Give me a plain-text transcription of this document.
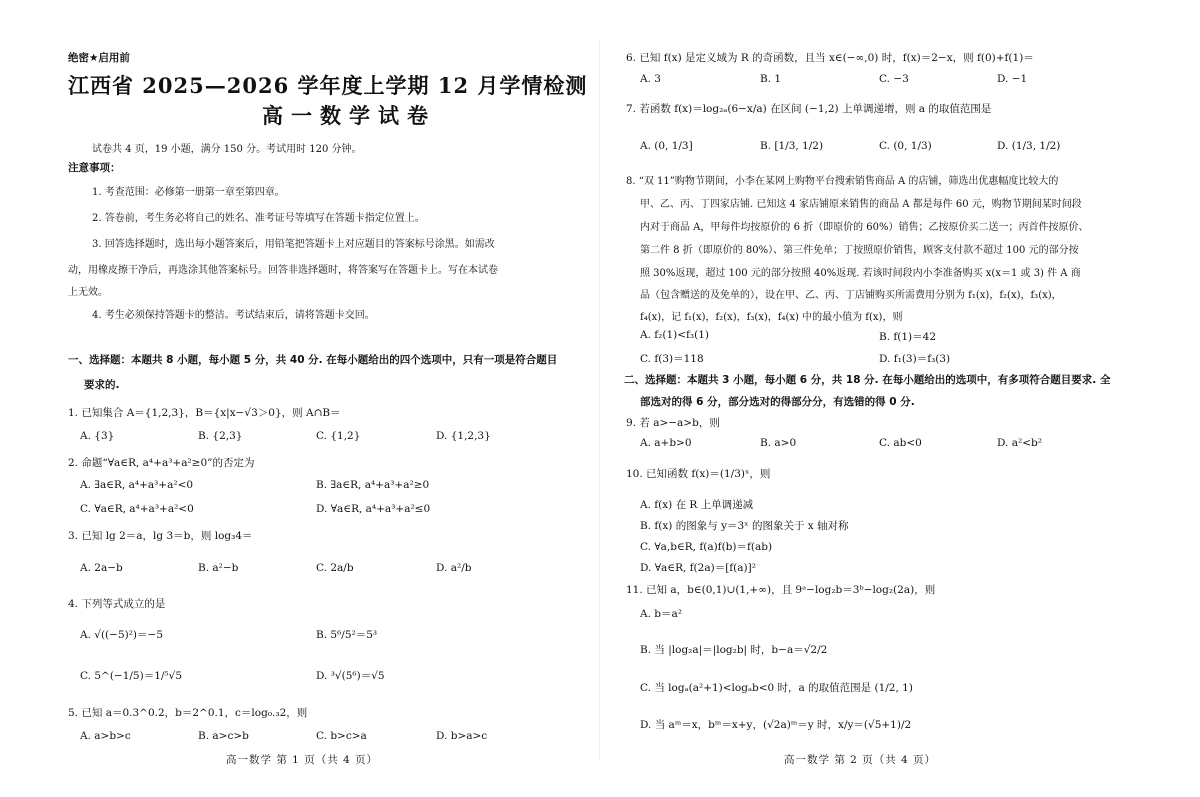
绝密★启用前
江西省 2025—2026 学年度上学期 12 月学情检测
高一数学试卷
试卷共 4 页，19 小题，满分 150 分。考试用时 120 分钟。
注意事项：
1. 考查范围：必修第一册第一章至第四章。
2. 答卷前，考生务必将自己的姓名、准考证号等填写在答题卡指定位置上。
3. 回答选择题时，选出每小题答案后，用铅笔把答题卡上对应题目的答案标号涂黑。如需改
动，用橡皮擦干净后，再选涂其他答案标号。回答非选择题时，将答案写在答题卡上。写在本试卷
上无效。
4. 考生必须保持答题卡的整洁。考试结束后，请将答题卡交回。
一、选择题：本题共 8 小题，每小题 5 分，共 40 分. 在每小题给出的四个选项中，只有一项是符合题目
要求的.
1. 已知集合 A＝{1,2,3}，B＝{x|x−√3＞0}，则 A∩B＝
A. {3}	B. {2,3}	C. {1,2}	D. {1,2,3}
2. 命题“∀a∈R, a⁴+a³+a²≥0”的否定为
A. ∃a∈R, a⁴+a³+a²<0	B. ∃a∈R, a⁴+a³+a²≥0
C. ∀a∈R, a⁴+a³+a²<0	D. ∀a∈R, a⁴+a³+a²≤0
3. 已知 lg 2＝a，lg 3＝b，则 log₃4＝
A. 2a−b	B. a²−b	C. 2a/b	D. a²/b
4. 下列等式成立的是
A. √((−5)²)＝−5	B. 5⁶/5²＝5³
C. 5^(−1/5)＝1/⁵√5	D. ³√(5⁶)＝√5
5. 已知 a＝0.3^0.2，b＝2^0.1，c＝log₀.₃2，则
A. a>b>c	B. a>c>b	C. b>c>a	D. b>a>c
高一数学 第 1 页（共 4 页）
6. 已知 f(x) 是定义域为 R 的奇函数，且当 x∈(−∞,0) 时，f(x)＝2−x，则 f(0)+f(1)＝
A. 3	B. 1	C. −3	D. −1
7. 若函数 f(x)＝log₂ₐ(6−x/a) 在区间 (−1,2) 上单调递增，则 a 的取值范围是
A. (0, 1/3]	B. [1/3, 1/2)	C. (0, 1/3)	D. (1/3, 1/2)
8. “双 11”购物节期间，小李在某网上购物平台搜索销售商品 A 的店铺，筛选出优惠幅度比较大的
甲、乙、丙、丁四家店铺. 已知这 4 家店铺原来销售的商品 A 都是每件 60 元，购物节期间某时间段
内对于商品 A，甲每件均按原价的 6 折（即原价的 60%）销售；乙按原价买二送一；丙首件按原价、
第二件 8 折（即原价的 80%）、第三件免单；丁按照原价销售，顾客支付款不超过 100 元的部分按
照 30%返现，超过 100 元的部分按照 40%返现. 若该时间段内小李准备购买 x(x＝1 或 3) 件 A 商
品（包含赠送的及免单的），设在甲、乙、丙、丁店铺购买所需费用分别为 f₁(x)，f₂(x)，f₃(x)，
f₄(x)，记 f₁(x)，f₂(x)，f₃(x)，f₄(x) 中的最小值为 f(x)，则
A. f₂(1)<f₃(1)	B. f(1)＝42
C. f(3)＝118	D. f₁(3)＝f₃(3)
二、选择题：本题共 3 小题，每小题 6 分，共 18 分. 在每小题给出的选项中，有多项符合题目要求. 全
部选对的得 6 分，部分选对的得部分分，有选错的得 0 分.
9. 若 a>−a>b，则
A. a+b>0	B. a>0	C. ab<0	D. a²<b²
10. 已知函数 f(x)＝(1/3)ˣ，则
A. f(x) 在 R 上单调递减
B. f(x) 的图象与 y＝3ˣ 的图象关于 x 轴对称
C. ∀a,b∈R, f(a)f(b)＝f(ab)
D. ∀a∈R, f(2a)＝[f(a)]²
11. 已知 a，b∈(0,1)∪(1,+∞)，且 9ᵃ−log₂b＝3ᵇ−log₂(2a)，则
A. b＝a²
B. 当 |log₂a|＝|log₂b| 时，b−a＝√2/2
C. 当 logₐ(a²+1)<logₐb<0 时，a 的取值范围是 (1/2, 1)
D. 当 aᵐ＝x，bᵐ＝x+y，(√2a)ᵐ＝y 时，x/y＝(√5+1)/2
高一数学 第 2 页（共 4 页）
